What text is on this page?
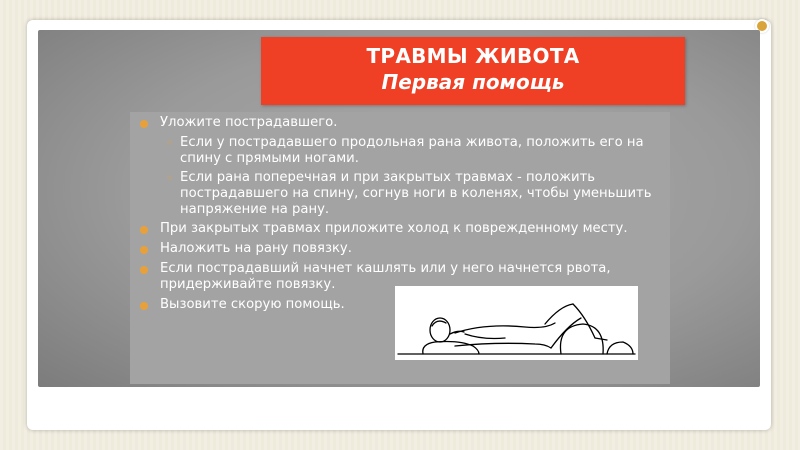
ТРАВМЫ ЖИВОТА
Первая помощь
Уложите пострадавшего.
◦ Если у пострадавшего продольная рана живота, положить его на спину с прямыми ногами.
◦ Если рана поперечная и при закрытых травмах - положить пострадавшего на спину, согнув ноги в коленях, чтобы уменьшить напряжение на рану.
При закрытых травмах приложите холод к поврежденному месту.
Наложить на рану повязку.
Если пострадавший начнет кашлять или у него начнется рвота, придерживайте повязку.
Вызовите скорую помощь.
